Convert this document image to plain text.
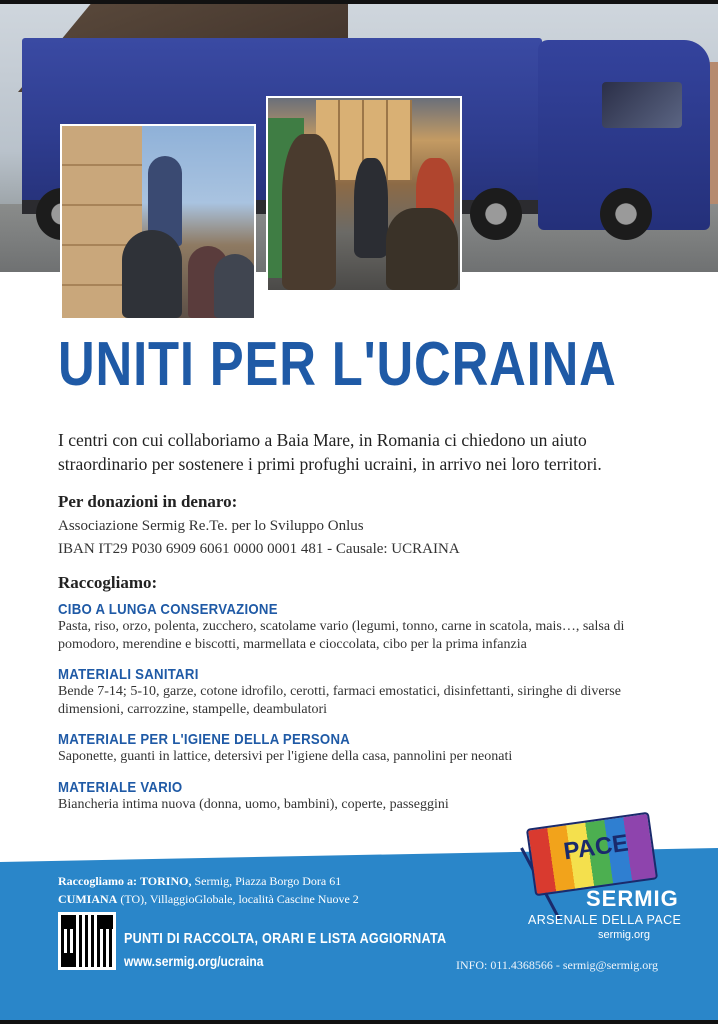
UNITI PER L'UCRAINA

I centri con cui collaboriamo a Baia Mare, in Romania ci chiedono un aiuto straordinario per sostenere i primi profughi ucraini, in arrivo nei loro territori.

Per donazioni in denaro:

Associazione Sermig Re.Te. per lo Sviluppo Onlus

IBAN IT29 P030 6909 6061 0000 0001 481 - Causale: UCRAINA

Raccogliamo:

CIBO A LUNGA CONSERVAZIONE

Pasta, riso, orzo, polenta, zucchero, scatolame vario (legumi, tonno, carne in scatola, mais…, salsa di pomodoro, merendine e biscotti, marmellata e cioccolata, cibo per la prima infanzia

MATERIALI SANITARI

Bende 7-14; 5-10, garze, cotone idrofilo, cerotti, farmaci emostatici, disinfettanti, siringhe di diverse dimensioni, carrozzine, stampelle, deambulatori

MATERIALE PER L'IGIENE DELLA PERSONA

Saponette, guanti in lattice, detersivi per l'igiene della casa, pannolini per neonati

MATERIALE VARIO

Biancheria intima nuova (donna, uomo, bambini), coperte, passeggini

Raccogliamo a: TORINO, Sermig, Piazza Borgo Dora 61

CUMIANA (TO), VillaggioGlobale, località Cascine Nuove 2

PUNTI DI RACCOLTA, ORARI E LISTA AGGIORNATA

www.sermig.org/ucraina	INFO: 011.4368566 - sermig@sermig.org

PACE

SERMIG

ARSENALE DELLA PACE

sermig.org
